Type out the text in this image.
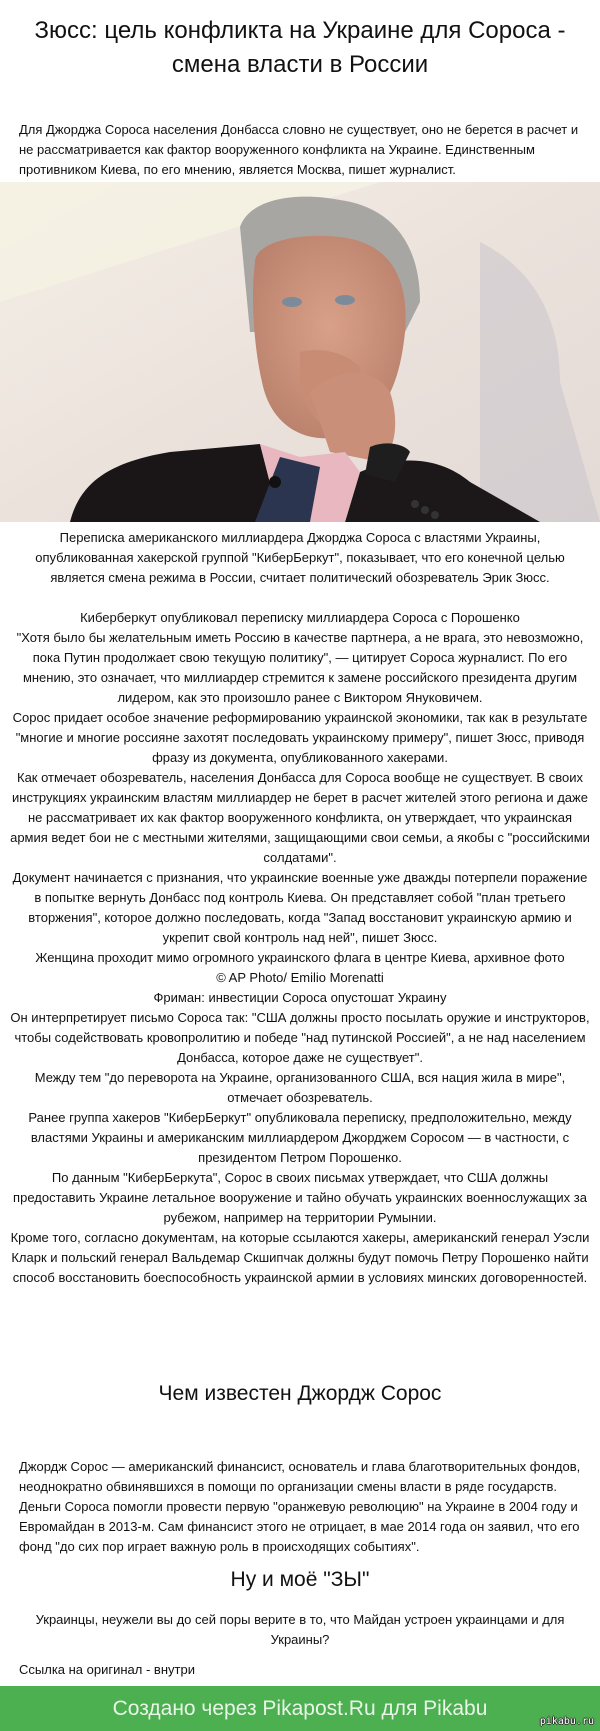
Зюсс: цель конфликта на Украине для Сороса - смена власти в России

Для Джорджа Сороса населения Донбасса словно не существует, оно не берется в расчет и не рассматривается как фактор вооруженного конфликта на Украине. Единственным противником Киева, по его мнению, является Москва, пишет журналист.

Переписка американского миллиардера Джорджа Сороса с властями Украины, опубликованная хакерской группой "КиберБеркут", показывает, что его конечной целью является смена режима в России, считает политический обозреватель Эрик Зюсс.

Киберберкут опубликовал переписку миллиардера Сороса с Порошенко

"Хотя было бы желательным иметь Россию в качестве партнера, а не врага, это невозможно, пока Путин продолжает свою текущую политику", — цитирует Сороса журналист. По его мнению, это означает, что миллиардер стремится к замене российского президента другим лидером, как это произошло ранее с Виктором Януковичем.

Сорос придает особое значение реформированию украинской экономики, так как в результате "многие и многие россияне захотят последовать украинскому примеру", пишет Зюсс, приводя фразу из документа, опубликованного хакерами.

Как отмечает обозреватель, населения Донбасса для Сороса вообще не существует. В своих инструкциях украинским властям миллиардер не берет в расчет жителей этого региона и даже не рассматривает их как фактор вооруженного конфликта, он утверждает, что украинская армия ведет бои не с местными жителями, защищающими свои семьи, а якобы с "российскими солдатами".

Документ начинается с признания, что украинские военные уже дважды потерпели поражение в попытке вернуть Донбасс под контроль Киева. Он представляет собой "план третьего вторжения", которое должно последовать, когда "Запад восстановит украинскую армию и укрепит свой контроль над ней", пишет Зюсс.

Женщина проходит мимо огромного украинского флага в центре Киева, архивное фото

© AP Photo/ Emilio Morenatti

Фриман: инвестиции Сороса опустошат Украину

Он интерпретирует письмо Сороса так: "США должны просто посылать оружие и инструкторов, чтобы содействовать кровопролитию и победе "над путинской Россией", а не над населением Донбасса, которое даже не существует".

Между тем "до переворота на Украине, организованного США, вся нация жила в мире", отмечает обозреватель.

Ранее группа хакеров "КиберБеркут" опубликовала переписку, предположительно, между властями Украины и американским миллиардером Джорджем Соросом — в частности, с президентом Петром Порошенко.

По данным "КиберБеркута", Сорос в своих письмах утверждает, что США должны предоставить Украине летальное вооружение и тайно обучать украинских военнослужащих за рубежом, например на территории Румынии.

Кроме того, согласно документам, на которые ссылаются хакеры, американский генерал Уэсли Кларк и польский генерал Вальдемар Скшипчак должны будут помочь Петру Порошенко найти способ восстановить боеспособность украинской армии в условиях минских договоренностей.

Чем известен Джордж Сорос

Джордж Сорос — американский финансист, основатель и глава благотворительных фондов, неоднократно обвинявшихся в помощи по организации смены власти в ряде государств. Деньги Сороса помогли провести первую "оранжевую революцию" на Украине в 2004 году и Евромайдан в 2013-м. Сам финансист этого не отрицает, в мае 2014 года он заявил, что его фонд "до сих пор играет важную роль в происходящих событиях".

Ну и моё "ЗЫ"

Украинцы, неужели вы до сей поры верите в то, что Майдан устроен украинцами и для Украины?

Ссылка на оригинал - внутри
Создано через Pikapost.Ru для Pikabu
pikabu.ru
